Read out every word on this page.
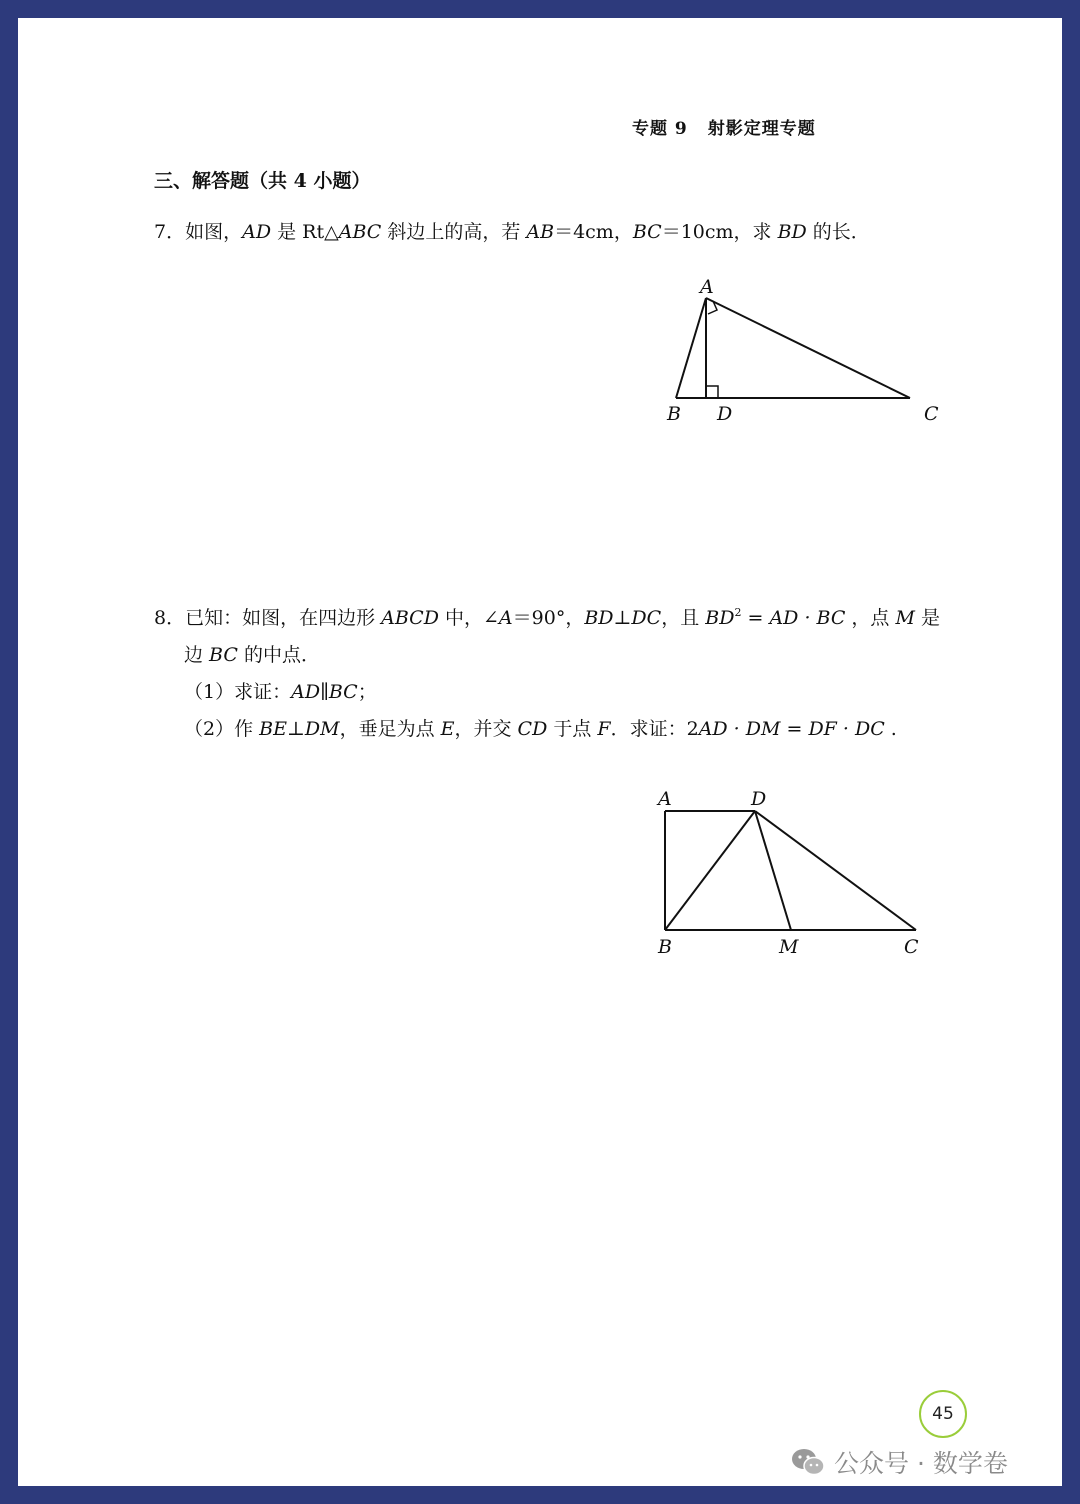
专题 9 射影定理专题
三、解答题（共 4 小题）
7．如图，AD 是 Rt△ABC 斜边上的高，若 AB＝4cm，BC＝10cm，求 BD 的长．
A
B D	C
8．已知：如图，在四边形 ABCD 中，∠A＝90°，BD⊥DC，且 $BD^2$ = AD · BC ，点 M 是
边 BC 的中点．
（1）求证：AD∥BC；
（2）作 BE⊥DM，垂足为点 E，并交 CD 于点 F．求证：2AD · DM = DF · DC .
A	D
B	M	C
45
公众号 · 数学卷
